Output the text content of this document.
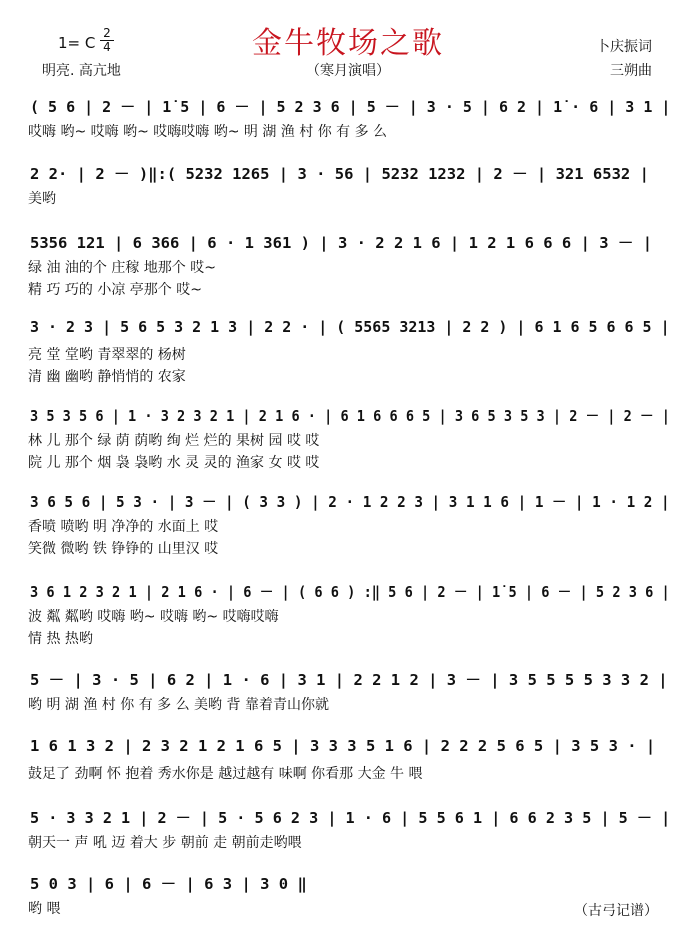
金牛牧场之歌
1= C
2
4
明亮. 高亢地	（寒月演唱）
卜庆振词
三朔曲
( 5 6 | 2 － | 1̇ 5 | 6 － | 5 2 3 6 | 5 － | 3 · 5 | 6 2 | 1̇ · 6 | 3 1 |
哎嗨 哟~ 哎嗨 哟~ 哎嗨哎嗨 哟~ 明 湖 渔 村 你 有 多 么
2 2· | 2 － )‖:( 5232 1265 | 3 · 56 | 5232 1232 | 2 － | 321 6532 |
美哟
5356 121 | 6 366 | 6 · 1 361 ) | 3 · 2 2 1 6 | 1 2 1 6 6 6 | 3 － |
绿 油 油的个 庄稼 地那个 哎~
精 巧 巧的 小凉 亭那个 哎~
3 · 2 3 | 5 6 5 3 2 1 3 | 2 2 · | ( 5565 3213 | 2 2 ) | 6 1 6 5 6 6 5 |
亮 堂 堂哟 青翠翠的 杨树
清 幽 幽哟 静悄悄的 农家
3 5 3 5 6 | 1 · 3 2 3 2 1 | 2 1 6 · | 6 1 6 6 6 5 | 3 6 5 3 5 3 | 2 － | 2 － |
林 儿 那个 绿 荫 荫哟 绚 烂 烂的 果树 园 哎 哎
院 儿 那个 烟 袅 袅哟 水 灵 灵的 渔家 女 哎 哎
3 6 5 6 | 5 3 · | 3 － | ( 3 3 ) | 2 · 1 2 2 3 | 3 1 1 6 | 1 － | 1 · 1 2 |
香喷 喷哟 明 净净的 水面上 哎
笑微 微哟 铁 铮铮的 山里汉 哎
3 6 1 2 3 2 1 | 2 1 6 · | 6 － | ( 6 6 ) :‖ 5 6 | 2 － | 1̇ 5 | 6 － | 5 2 3 6 |
波 粼 粼哟 哎嗨 哟~ 哎嗨 哟~ 哎嗨哎嗨
情 热 热哟
5 － | 3 · 5 | 6 2 | 1 · 6 | 3 1 | 2 2 1 2 | 3 － | 3 5 5 5 5 3 3 2 |
哟 明 湖 渔 村 你 有 多 么 美哟 背 靠着青山你就
1 6 1 3 2 | 2 3 2 1 2 1 6 5 | 3 3 3 5 1 6 | 2 2 2 5 6 5 | 3 5 3 · |
鼓足了 劲啊 怀 抱着 秀水你是 越过越有 味啊 你看那 大金 牛 喂
5 · 3 3 2 1 | 2 － | 5 · 5 6 2 3 | 1 · 6 | 5 5 6 1 | 6 6 2 3 5 | 5 － |
朝天一 声 吼 迈 着大 步 朝前 走 朝前走哟喂
5 0 3 | 6 | 6 － | 6 3 | 3 0 ‖
哟 喂	（古弓记谱）
